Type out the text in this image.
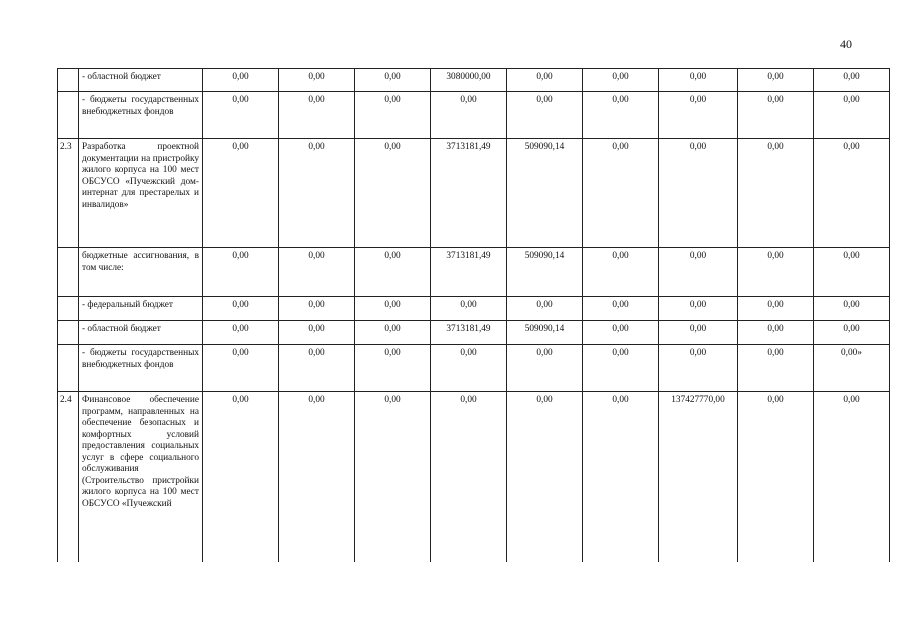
40
	- областной бюджет	0,00	0,00	0,00	3080000,00	0,00	0,00	0,00	0,00	0,00
	- бюджеты государственных внебюджетных фондов	0,00	0,00	0,00	0,00	0,00	0,00	0,00	0,00	0,00
2.3	Разработка проектной документации на пристройку жилого корпуса на 100 мест ОБСУСО «Пучежский дом-интернат для престарелых и инвалидов»	0,00	0,00	0,00	3713181,49	509090,14	0,00	0,00	0,00	0,00
	бюджетные ассигнования, в том числе:	0,00	0,00	0,00	3713181,49	509090,14	0,00	0,00	0,00	0,00
	- федеральный бюджет	0,00	0,00	0,00	0,00	0,00	0,00	0,00	0,00	0,00
	- областной бюджет	0,00	0,00	0,00	3713181,49	509090,14	0,00	0,00	0,00	0,00
	- бюджеты государственных внебюджетных фондов	0,00	0,00	0,00	0,00	0,00	0,00	0,00	0,00	0,00»
2.4	Финансовое обеспечение программ, направленных на обеспечение безопасных и комфортных условий предоставления социальных услуг в сфере социального обслуживания (Строительство пристройки жилого корпуса на 100 мест ОБСУСО «Пучежский	0,00	0,00	0,00	0,00	0,00	0,00	137427770,00	0,00	0,00
